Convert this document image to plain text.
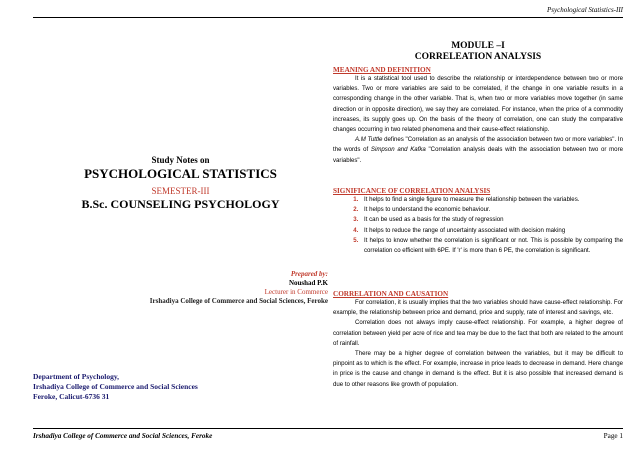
Psychological Statistics-III
Study Notes on
PSYCHOLOGICAL STATISTICS
SEMESTER-III
B.Sc. COUNSELING PSYCHOLOGY
Prepared by:
Noushad P.K
Lecturer in Commerce
Irshadiya College of Commerce and Social Sciences, Feroke
Department of Psychology,
Irshadiya College of Commerce and Social Sciences
Feroke, Calicut-6736 31
MODULE –I
CORRELEATION ANALYSIS
MEANING AND DEFINITION
It is a statistical tool used to describe the relationship or interdependence between two or more variables. Two or more variables are said to be correlated, if the change in one variable results in a corresponding change in the other variable. That is, when two or more variables move together (in same direction or in opposite direction), we say they are correlated. For instance, when the price of a commodity increases, its supply goes up. On the basis of the theory of correlation, one can study the comparative changes occurring in two related phenomena and their cause-effect relationship.
A.M Tuttle defines "Correlation as an analysis of the association between two or more variables". In the words of Simpson and Kafka "Correlation analysis deals with the association between two or more variables".
SIGNIFICANCE OF CORRELATION ANALYSIS
1. It helps to find a single figure to measure the relationship between the variables.
2. It helps to understand the economic behaviour.
3. It can be used as a basis for the study of regression
4. It helps to reduce the range of uncertainty associated with decision making
5. It helps to know whether the correlation is significant or not. This is possible by comparing the correlation co efficient with 6PE. If 'r' is more than 6 PE, the correlation is significant.
CORRELATION AND CAUSATION
For correlation, it is usually implies that the two variables should have cause-effect relationship. For example, the relationship between price and demand, price and supply, rate of interest and savings, etc.
Correlation does not always imply cause-effect relationship. For example, a higher degree of correlation between yield per acre of rice and tea may be due to the fact that both are related to the amount of rainfall.
There may be a higher degree of correlation between the variables, but it may be difficult to pinpoint as to which is the effect. For example, increase in price leads to decrease in demand. Here change in price is the cause and change in demand is the effect. But it is also possible that increased demand is due to other reasons like growth of population.
Irshadiya College of Commerce and Social Sciences, Feroke	Page 1
